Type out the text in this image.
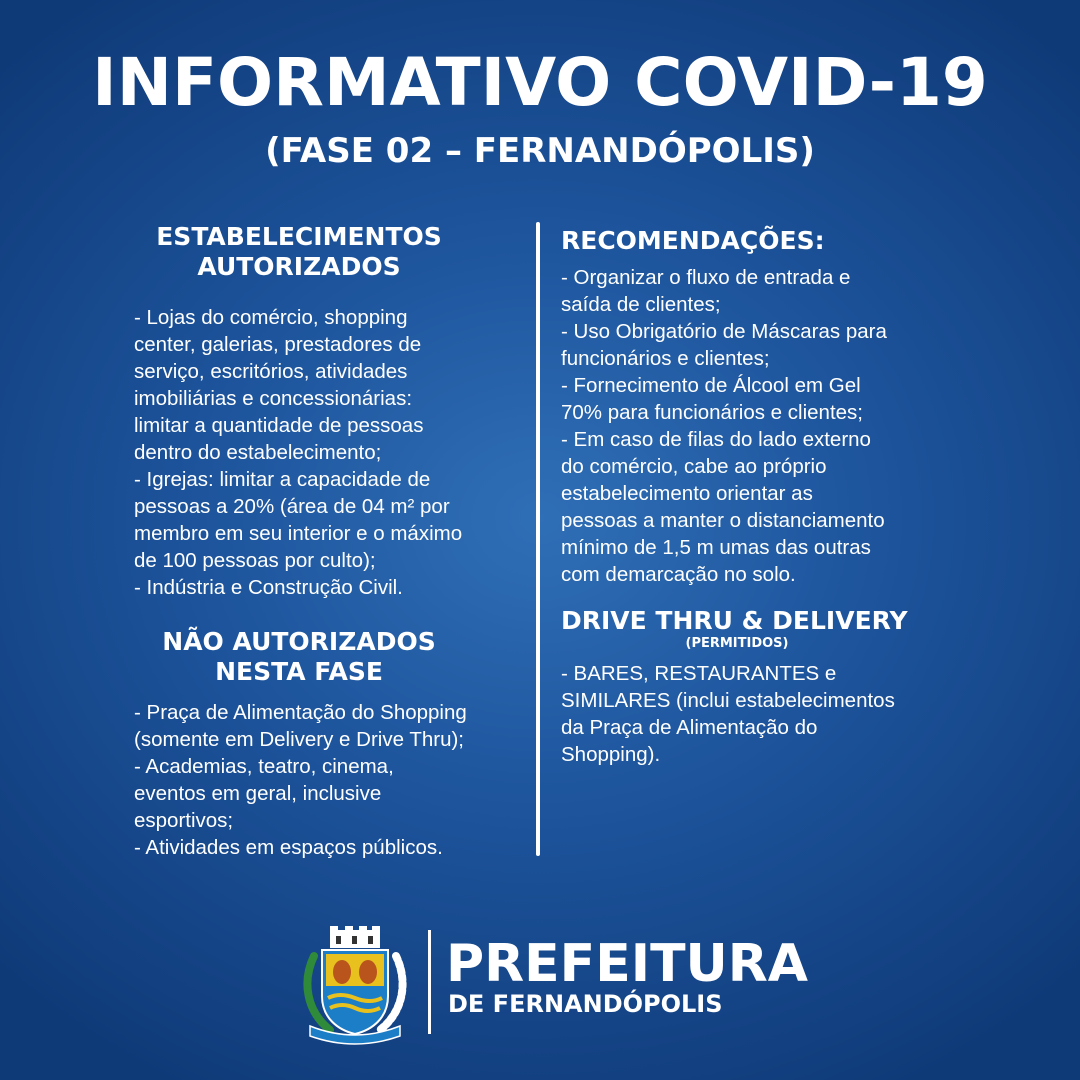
INFORMATIVO COVID-19
(FASE 02 – FERNANDÓPOLIS)
ESTABELECIMENTOS
AUTORIZADOS

- Lojas do comércio, shopping
center, galerias, prestadores de
serviço, escritórios, atividades
imobiliárias e concessionárias:
limitar a quantidade de pessoas
dentro do estabelecimento;
- Igrejas: limitar a capacidade de
pessoas a 20% (área de 04 m² por
membro em seu interior e o máximo
de 100 pessoas por culto);
- Indústria e Construção Civil.

NÃO AUTORIZADOS
NESTA FASE

- Praça de Alimentação do Shopping
(somente em Delivery e Drive Thru);
- Academias, teatro, cinema,
eventos em geral, inclusive
esportivos;
- Atividades em espaços públicos.

RECOMENDAÇÕES:

- Organizar o fluxo de entrada e
saída de clientes;
- Uso Obrigatório de Máscaras para
funcionários e clientes;
- Fornecimento de Álcool em Gel
70% para funcionários e clientes;
- Em caso de filas do lado externo
do comércio, cabe ao próprio
estabelecimento orientar as
pessoas a manter o distanciamento
mínimo de 1,5 m umas das outras
com demarcação no solo.

DRIVE THRU & DELIVERY
(PERMITIDOS)

- BARES, RESTAURANTES e
SIMILARES (inclui estabelecimentos
da Praça de Alimentação do
Shopping).

PREFEITURA
DE FERNANDÓPOLIS
